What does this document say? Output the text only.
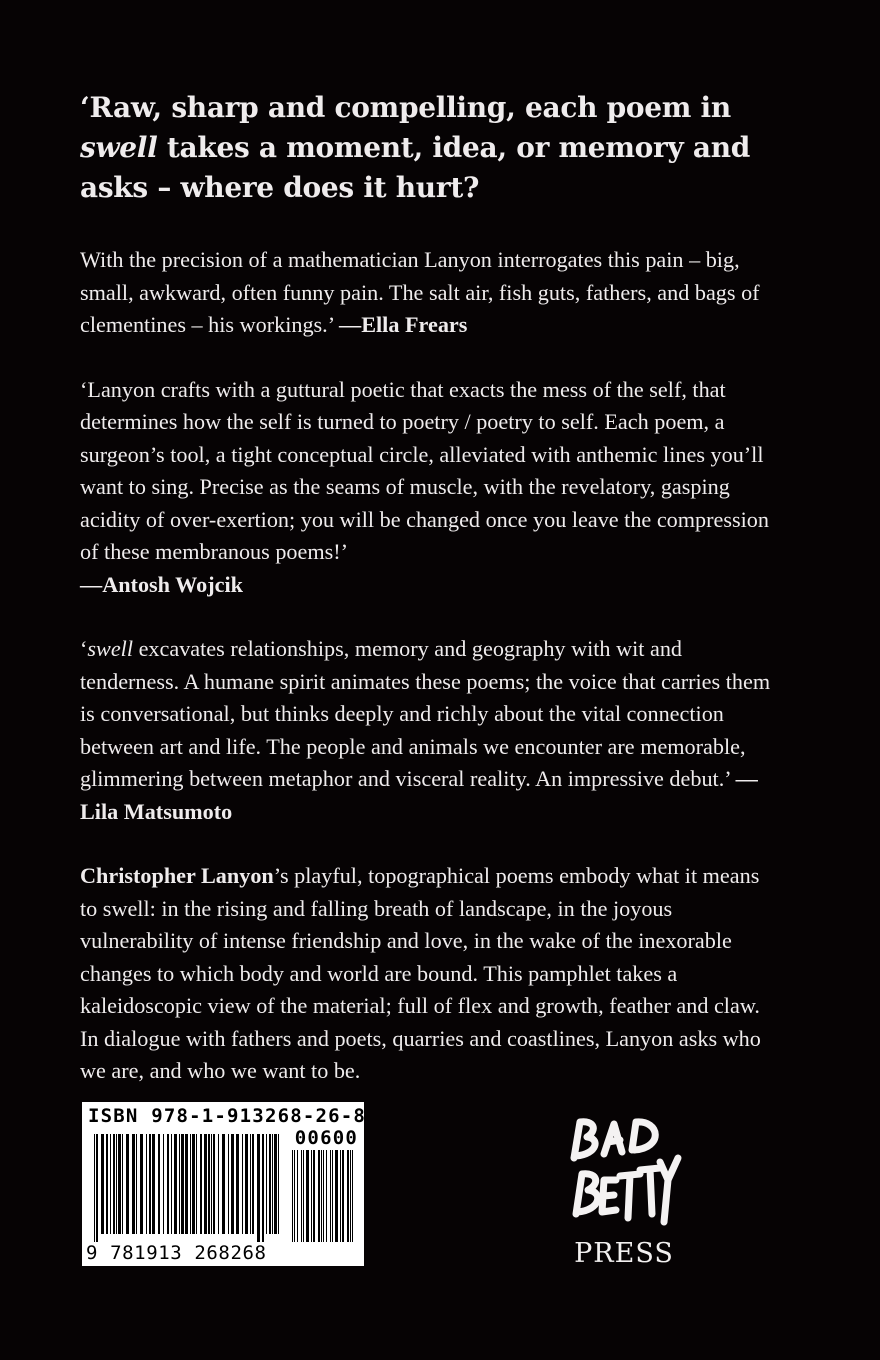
‘Raw, sharp and compelling, each poem in swell takes a moment, idea, or memory and asks – where does it hurt?

With the precision of a mathematician Lanyon interrogates this pain – big, small, awkward, often funny pain. The salt air, fish guts, fathers, and bags of clementines – his workings.’ —Ella Frears

‘Lanyon crafts with a guttural poetic that exacts the mess of the self, that determines how the self is turned to poetry / poetry to self. Each poem, a surgeon’s tool, a tight conceptual circle, alleviated with anthemic lines you’ll want to sing. Precise as the seams of muscle, with the revelatory, gasping acidity of over-exertion; you will be changed once you leave the compression of these membranous poems!’
—Antosh Wojcik

‘swell excavates relationships, memory and geography with wit and tenderness. A humane spirit animates these poems; the voice that carries them is conversational, but thinks deeply and richly about the vital connection between art and life. The people and animals we encounter are memorable, glimmering between metaphor and visceral reality. An impressive debut.’ —Lila Matsumoto

Christopher Lanyon’s playful, topographical poems embody what it means to swell: in the rising and falling breath of landscape, in the joyous vulnerability of intense friendship and love, in the wake of the inexorable changes to which body and world are bound. This pamphlet takes a kaleidoscopic view of the material; full of flex and growth, feather and claw. In dialogue with fathers and poets, quarries and coastlines, Lanyon asks who we are, and who we want to be.

ISBN 978-1-913268-26-8
00600
9 781913 268268	PRESS
